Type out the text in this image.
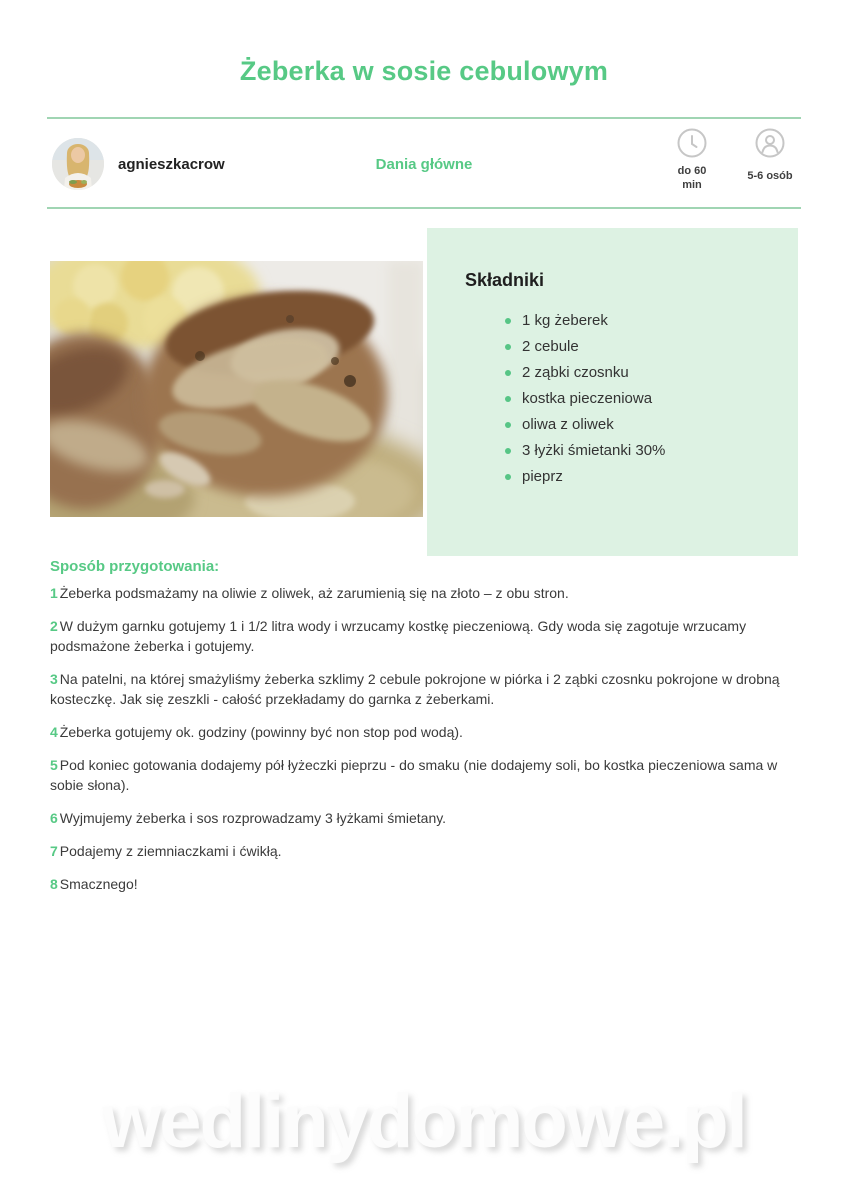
Żeberka w sosie cebulowym
agnieszkacrow	Dania główne	do 60
min
5-6 osób
Składniki
1 kg żeberek
2 cebule
2 ząbki czosnku
kostka pieczeniowa
oliwa z oliwek
3 łyżki śmietanki 30%
pieprz
Sposób przygotowania:

1 Żeberka podsmażamy na oliwie z oliwek, aż zarumienią się na złoto – z obu stron.

2 W dużym garnku gotujemy 1 i 1/2 litra wody i wrzucamy kostkę pieczeniową. Gdy woda się zagotuje wrzucamy podsmażone żeberka i gotujemy.

3 Na patelni, na której smażyliśmy żeberka szklimy 2 cebule pokrojone w piórka i 2 ząbki czosnku pokrojone w drobną kosteczkę. Jak się zeszkli - całość przekładamy do garnka z żeberkami.

4 Żeberka gotujemy ok. godziny (powinny być non stop pod wodą).

5 Pod koniec gotowania dodajemy pół łyżeczki pieprzu - do smaku (nie dodajemy soli, bo kostka pieczeniowa sama w sobie słona).

6 Wyjmujemy żeberka i sos rozprowadzamy 3 łyżkami śmietany.

7 Podajemy z ziemniaczkami i ćwikłą.

8 Smacznego!

wedlinydomowe.pl
